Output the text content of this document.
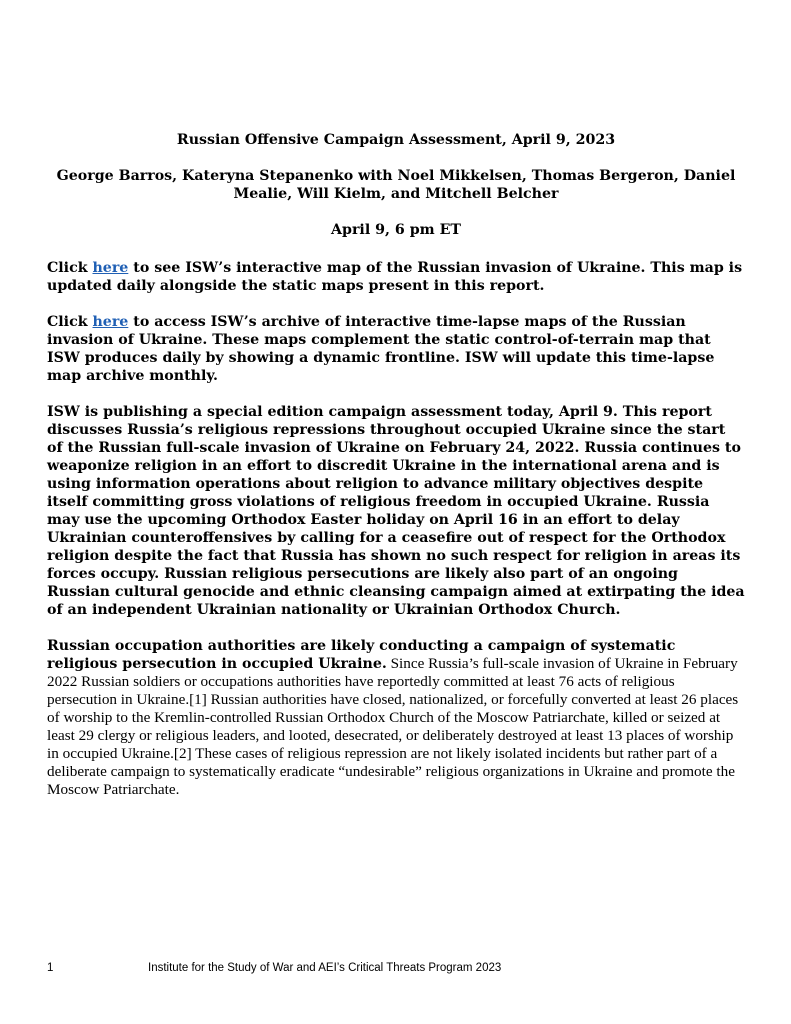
Russian Offensive Campaign Assessment, April 9, 2023

George Barros, Kateryna Stepanenko with Noel Mikkelsen, Thomas Bergeron, Daniel Mealie, Will Kielm, and Mitchell Belcher

April 9, 6 pm ET

Click here to see ISW’s interactive map of the Russian invasion of Ukraine. This map is updated daily alongside the static maps present in this report.

Click here to access ISW’s archive of interactive time-lapse maps of the Russian invasion of Ukraine. These maps complement the static control-of-terrain map that ISW produces daily by showing a dynamic frontline. ISW will update this time-lapse map archive monthly.

ISW is publishing a special edition campaign assessment today, April 9. This report discusses Russia’s religious repressions throughout occupied Ukraine since the start of the Russian full-scale invasion of Ukraine on February 24, 2022. Russia continues to weaponize religion in an effort to discredit Ukraine in the international arena and is using information operations about religion to advance military objectives despite itself committing gross violations of religious freedom in occupied Ukraine. Russia may use the upcoming Orthodox Easter holiday on April 16 in an effort to delay Ukrainian counteroffensives by calling for a ceasefire out of respect for the Orthodox religion despite the fact that Russia has shown no such respect for religion in areas its forces occupy. Russian religious persecutions are likely also part of an ongoing Russian cultural genocide and ethnic cleansing campaign aimed at extirpating the idea of an independent Ukrainian nationality or Ukrainian Orthodox Church.

Russian occupation authorities are likely conducting a campaign of systematic religious persecution in occupied Ukraine. Since Russia’s full-scale invasion of Ukraine in February 2022 Russian soldiers or occupations authorities have reportedly committed at least 76 acts of religious persecution in Ukraine.[1] Russian authorities have closed, nationalized, or forcefully converted at least 26 places of worship to the Kremlin-controlled Russian Orthodox Church of the Moscow Patriarchate, killed or seized at least 29 clergy or religious leaders, and looted, desecrated, or deliberately destroyed at least 13 places of worship in occupied Ukraine.[2] These cases of religious repression are not likely isolated incidents but rather part of a deliberate campaign to systematically eradicate “undesirable” religious organizations in Ukraine and promote the Moscow Patriarchate.

1	Institute for the Study of War and AEI’s Critical Threats Program 2023
